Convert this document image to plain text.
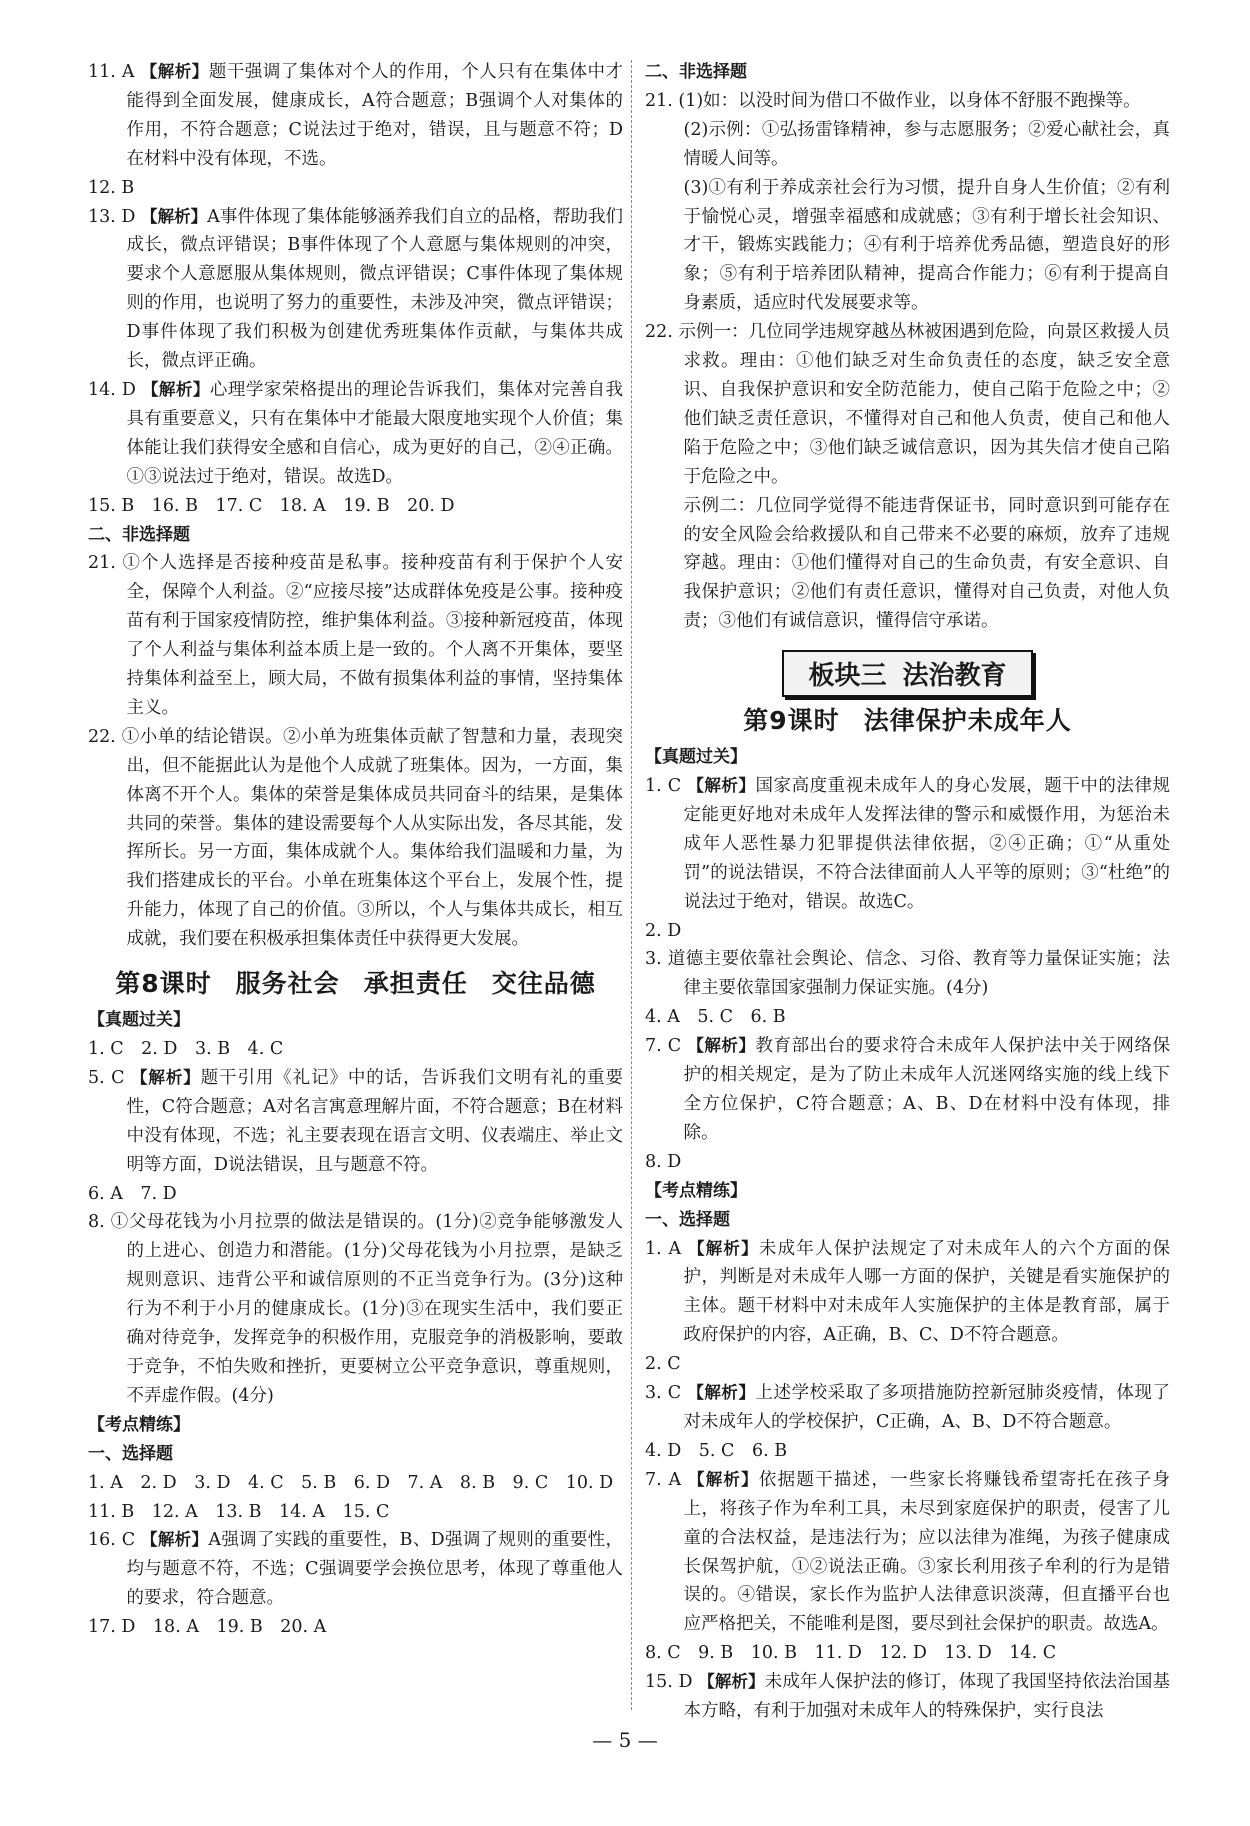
11. A 【解析】题干强调了集体对个人的作用，个人只有在集体中才能得到全面发展，健康成长，A符合题意；B强调个人对集体的作用，不符合题意；C说法过于绝对，错误，且与题意不符；D在材料中没有体现，不选。

12. B

13. D 【解析】A事件体现了集体能够涵养我们自立的品格，帮助我们成长，微点评错误；B事件体现了个人意愿与集体规则的冲突，要求个人意愿服从集体规则，微点评错误；C事件体现了集体规则的作用，也说明了努力的重要性，未涉及冲突，微点评错误；D事件体现了我们积极为创建优秀班集体作贡献，与集体共成长，微点评正确。

14. D 【解析】心理学家荣格提出的理论告诉我们，集体对完善自我具有重要意义，只有在集体中才能最大限度地实现个人价值；集体能让我们获得安全感和自信心，成为更好的自己，②④正确。①③说法过于绝对，错误。故选D。

15. B　16. B　17. C　18. A　19. B　20. D

二、非选择题

21. ①个人选择是否接种疫苗是私事。接种疫苗有利于保护个人安全，保障个人利益。②“应接尽接”达成群体免疫是公事。接种疫苗有利于国家疫情防控，维护集体利益。③接种新冠疫苗，体现了个人利益与集体利益本质上是一致的。个人离不开集体，要坚持集体利益至上，顾大局，不做有损集体利益的事情，坚持集体主义。

22. ①小单的结论错误。②小单为班集体贡献了智慧和力量，表现突出，但不能据此认为是他个人成就了班集体。因为，一方面，集体离不开个人。集体的荣誉是集体成员共同奋斗的结果，是集体共同的荣誉。集体的建设需要每个人从实际出发，各尽其能，发挥所长。另一方面，集体成就个人。集体给我们温暖和力量，为我们搭建成长的平台。小单在班集体这个平台上，发展个性，提升能力，体现了自己的价值。③所以，个人与集体共成长，相互成就，我们要在积极承担集体责任中获得更大发展。

第8课时 服务社会 承担责任 交往品德

【真题过关】

1. C　2. D　3. B　4. C

5. C 【解析】题干引用《礼记》中的话，告诉我们文明有礼的重要性，C符合题意；A对名言寓意理解片面，不符合题意；B在材料中没有体现，不选；礼主要表现在语言文明、仪表端庄、举止文明等方面，D说法错误，且与题意不符。

6. A　7. D

8. ①父母花钱为小月拉票的做法是错误的。(1分)②竞争能够激发人的上进心、创造力和潜能。(1分)父母花钱为小月拉票，是缺乏规则意识、违背公平和诚信原则的不正当竞争行为。(3分)这种行为不利于小月的健康成长。(1分)③在现实生活中，我们要正确对待竞争，发挥竞争的积极作用，克服竞争的消极影响，要敢于竞争，不怕失败和挫折，更要树立公平竞争意识，尊重规则，不弄虚作假。(4分)

【考点精练】

一、选择题

1. A　2. D　3. D　4. C　5. B　6. D　7. A　8. B　9. C　10. D

11. B　12. A　13. B　14. A　15. C

16. C 【解析】A强调了实践的重要性，B、D强调了规则的重要性，均与题意不符，不选；C强调要学会换位思考，体现了尊重他人的要求，符合题意。

17. D　18. A　19. B　20. A

二、非选择题

21. (1)如：以没时间为借口不做作业，以身体不舒服不跑操等。

(2)示例：①弘扬雷锋精神，参与志愿服务；②爱心献社会，真情暖人间等。

(3)①有利于养成亲社会行为习惯，提升自身人生价值；②有利于愉悦心灵，增强幸福感和成就感；③有利于增长社会知识、才干，锻炼实践能力；④有利于培养优秀品德，塑造良好的形象；⑤有利于培养团队精神，提高合作能力；⑥有利于提高自身素质，适应时代发展要求等。

22. 示例一：几位同学违规穿越丛林被困遇到危险，向景区救援人员求救。理由：①他们缺乏对生命负责任的态度，缺乏安全意识、自我保护意识和安全防范能力，使自己陷于危险之中；②他们缺乏责任意识，不懂得对自己和他人负责，使自己和他人陷于危险之中；③他们缺乏诚信意识，因为其失信才使自己陷于危险之中。

示例二：几位同学觉得不能违背保证书，同时意识到可能存在的安全风险会给救援队和自己带来不必要的麻烦，放弃了违规穿越。理由：①他们懂得对自己的生命负责，有安全意识、自我保护意识；②他们有责任意识，懂得对自己负责，对他人负责；③他们有诚信意识，懂得信守承诺。

板块三 法治教育
第9课时 法律保护未成年人

【真题过关】

1. C 【解析】国家高度重视未成年人的身心发展，题干中的法律规定能更好地对未成年人发挥法律的警示和威慑作用，为惩治未成年人恶性暴力犯罪提供法律依据，②④正确；①“从重处罚”的说法错误，不符合法律面前人人平等的原则；③“杜绝”的说法过于绝对，错误。故选C。

2. D

3. 道德主要依靠社会舆论、信念、习俗、教育等力量保证实施；法律主要依靠国家强制力保证实施。(4分)

4. A　5. C　6. B

7. C 【解析】教育部出台的要求符合未成年人保护法中关于网络保护的相关规定，是为了防止未成年人沉迷网络实施的线上线下全方位保护，C符合题意；A、B、D在材料中没有体现，排除。

8. D

【考点精练】

一、选择题

1. A 【解析】未成年人保护法规定了对未成年人的六个方面的保护，判断是对未成年人哪一方面的保护，关键是看实施保护的主体。题干材料中对未成年人实施保护的主体是教育部，属于政府保护的内容，A正确，B、C、D不符合题意。

2. C

3. C 【解析】上述学校采取了多项措施防控新冠肺炎疫情，体现了对未成年人的学校保护，C正确，A、B、D不符合题意。

4. D　5. C　6. B

7. A 【解析】依据题干描述，一些家长将赚钱希望寄托在孩子身上，将孩子作为牟利工具，未尽到家庭保护的职责，侵害了儿童的合法权益，是违法行为；应以法律为准绳，为孩子健康成长保驾护航，①②说法正确。③家长利用孩子牟利的行为是错误的。④错误，家长作为监护人法律意识淡薄，但直播平台也应严格把关，不能唯利是图，要尽到社会保护的职责。故选A。

8. C　9. B　10. B　11. D　12. D　13. D　14. C

15. D 【解析】未成年人保护法的修订，体现了我国坚持依法治国基本方略，有利于加强对未成年人的特殊保护，实行良法

— 5 —
